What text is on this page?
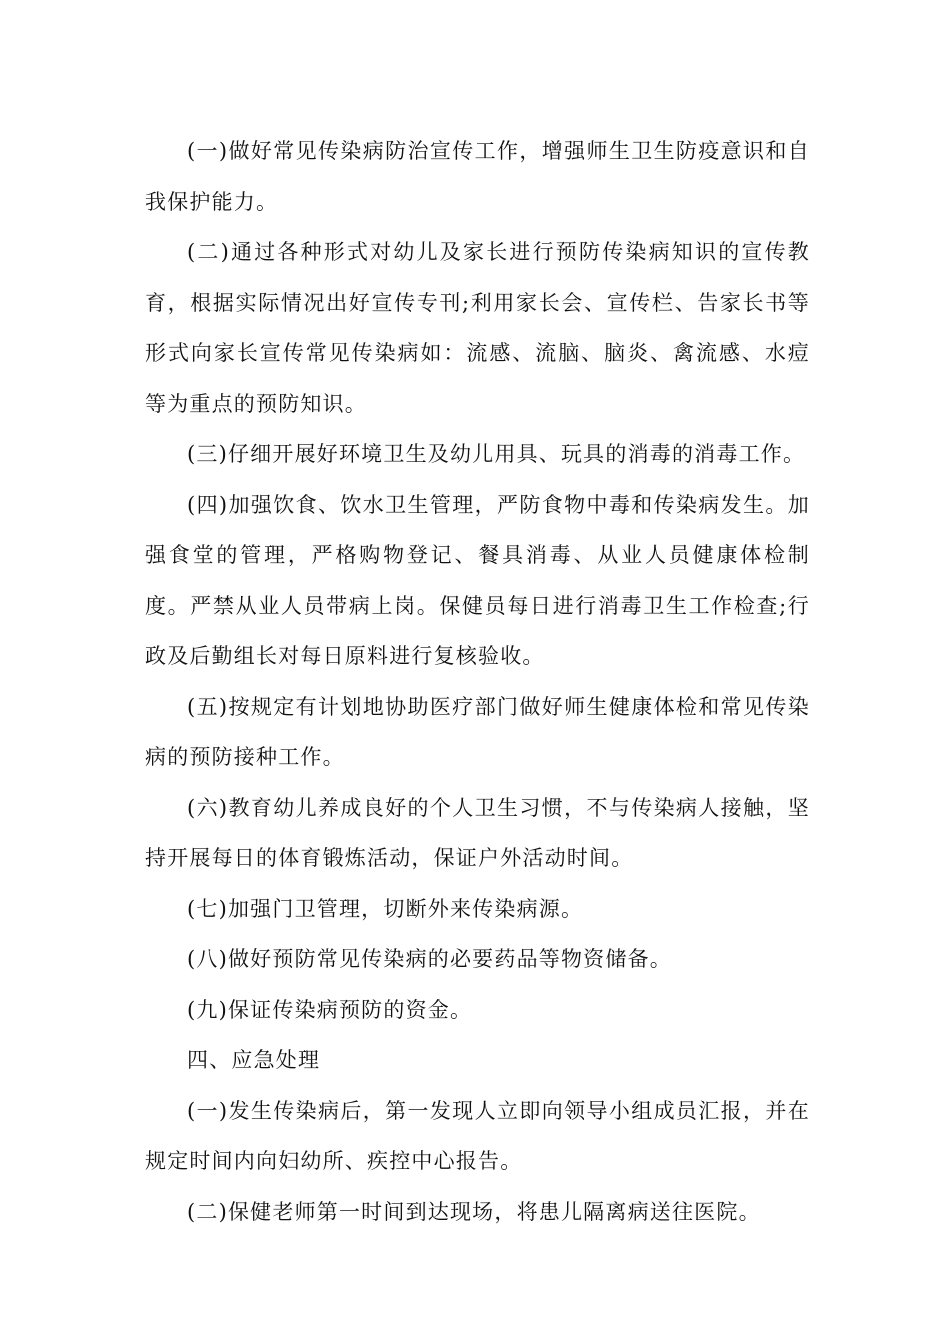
(一)做好常见传染病防治宣传工作，增强师生卫生防疫意识和自我保护能力。

(二)通过各种形式对幼儿及家长进行预防传染病知识的宣传教育，根据实际情况出好宣传专刊;利用家长会、宣传栏、告家长书等形式向家长宣传常见传染病如：流感、流脑、脑炎、禽流感、水痘等为重点的预防知识。

(三)仔细开展好环境卫生及幼儿用具、玩具的消毒的消毒工作。

(四)加强饮食、饮水卫生管理，严防食物中毒和传染病发生。加强食堂的管理，严格购物登记、餐具消毒、从业人员健康体检制度。严禁从业人员带病上岗。保健员每日进行消毒卫生工作检查;行政及后勤组长对每日原料进行复核验收。

(五)按规定有计划地协助医疗部门做好师生健康体检和常见传染病的预防接种工作。

(六)教育幼儿养成良好的个人卫生习惯，不与传染病人接触，坚持开展每日的体育锻炼活动，保证户外活动时间。

(七)加强门卫管理，切断外来传染病源。

(八)做好预防常见传染病的必要药品等物资储备。

(九)保证传染病预防的资金。

四、应急处理

(一)发生传染病后，第一发现人立即向领导小组成员汇报，并在规定时间内向妇幼所、疾控中心报告。

(二)保健老师第一时间到达现场，将患儿隔离病送往医院。
